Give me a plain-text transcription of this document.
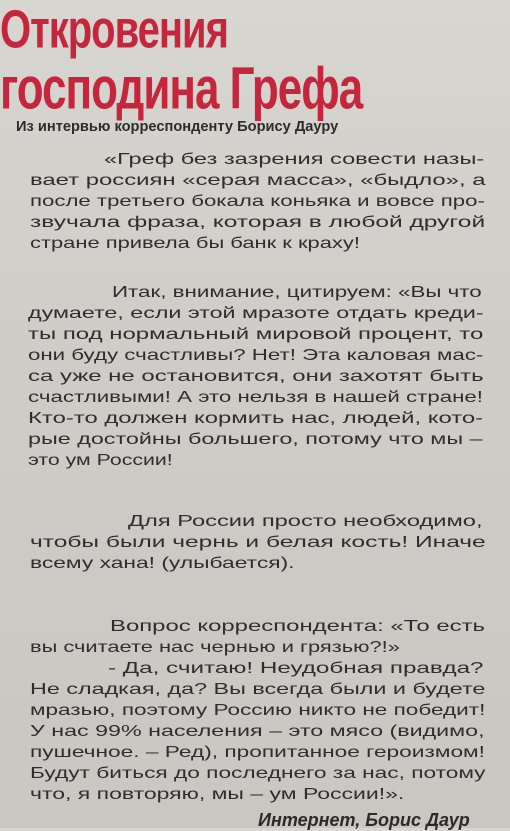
Откровения
господина Грефа
Из интервью корреспонденту Борису Дауру
«Греф без зазрения совести назы-
вает россиян «серая масса», «быдло», а
после третьего бокала коньяка и вовсе про-
звучала фраза, которая в любой другой
стране привела бы банк к краху!
Итак, внимание, цитируем: «Вы что
думаете, если этой мразоте отдать креди-
ты под нормальный мировой процент, то
они буду счастливы? Нет! Эта каловая мас-
са уже не остановится, они захотят быть
счастливыми! А это нельзя в нашей стране!
Кто-то должен кормить нас, людей, кото-
рые достойны большего, потому что мы –
это ум России!
Для России просто необходимо,
чтобы были чернь и белая кость! Иначе
всему хана! (улыбается).
Вопрос корреспондента: «То есть
вы считаете нас чернью и грязью?!»
- Да, считаю! Неудобная правда?
Не сладкая, да? Вы всегда были и будете
мразью, поэтому Россию никто не победит!
У нас 99% населения – это мясо (видимо,
пушечное. – Ред), пропитанное героизмом!
Будут биться до последнего за нас, потому
что, я повторяю, мы – ум России!».
Интернет, Борис Даур
